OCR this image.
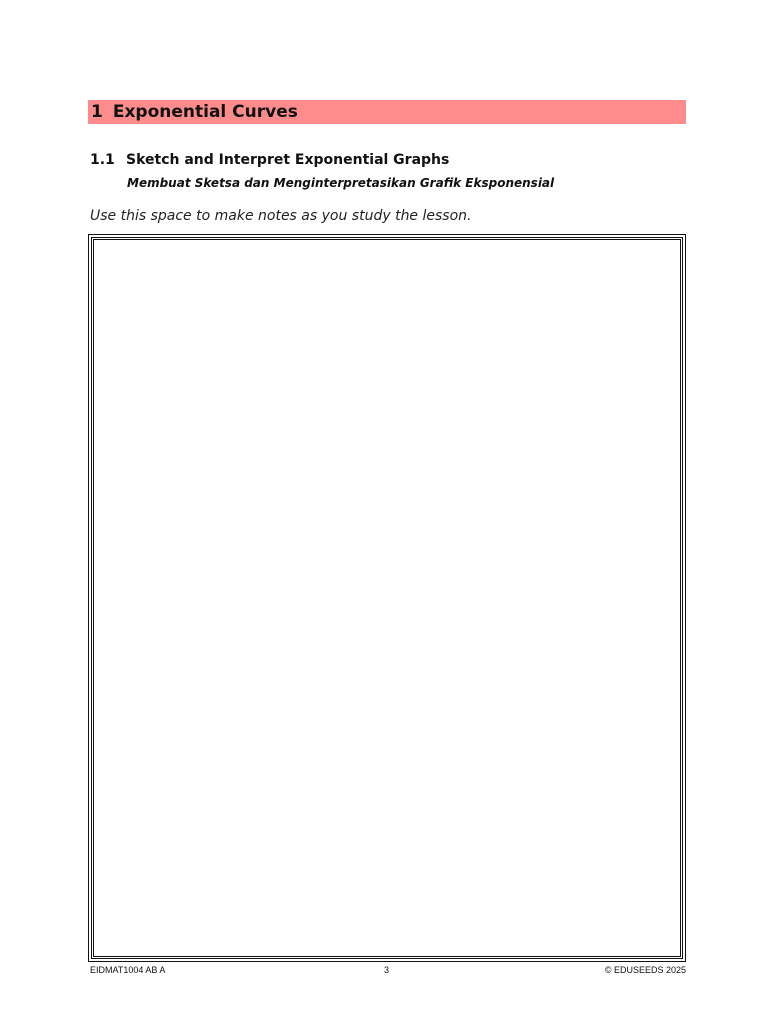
1 Exponential Curves
1.1 Sketch and Interpret Exponential Graphs
Membuat Sketsa dan Menginterpretasikan Grafik Eksponensial
Use this space to make notes as you study the lesson.
EIDMAT1004 AB A	3	© EDUSEEDS 2025
